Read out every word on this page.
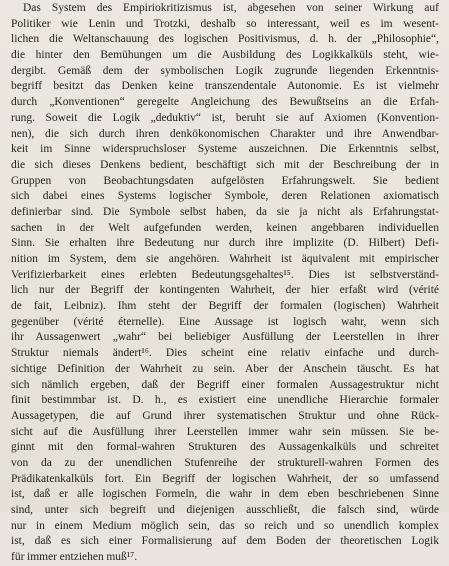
Das System des Empiriokritizismus ist, abgesehen von seiner Wirkung auf
Politiker wie Lenin und Trotzki, deshalb so interessant, weil es im wesent-
lichen die Weltanschauung des logischen Positivismus, d. h. der „Philosophie“,
die hinter den Bemühungen um die Ausbildung des Logikkalküls steht, wie-
dergibt. Gemäß dem der symbolischen Logik zugrunde liegenden Erkenntnis-
begriff besitzt das Denken keine transzendentale Autonomie. Es ist vielmehr
durch „Konventionen“ geregelte Angleichung des Bewußtseins an die Erfah-
rung. Soweit die Logik „deduktiv“ ist, beruht sie auf Axiomen (Konvention-
nen), die sich durch ihren denkökonomischen Charakter und ihre Anwendbar-
keit im Sinne widerspruchsloser Systeme auszeichnen. Die Erkenntnis selbst,
die sich dieses Denkens bedient, beschäftigt sich mit der Beschreibung der in
Gruppen von Beobachtungsdaten aufgelösten Erfahrungswelt. Sie bedient
sich dabei eines Systems logischer Symbole, deren Relationen axiomatisch
definierbar sind. Die Symbole selbst haben, da sie ja nicht als Erfahrungstat-
sachen in der Welt aufgefunden werden, keinen angebbaren individuellen
Sinn. Sie erhalten ihre Bedeutung nur durch ihre implizite (D. Hilbert) Defi-
nition im System, dem sie angehören. Wahrheit ist äquivalent mit empirischer
Verifizierbarkeit eines erlebten Bedeutungsgehaltes¹⁵. Dies ist selbstverständ-
lich nur der Begriff der kontingenten Wahrheit, der hier erfaßt wird (vérité
de fait, Leibniz). Ihm steht der Begriff der formalen (logischen) Wahrheit
gegenüber (vérité éternelle). Eine Aussage ist logisch wahr, wenn sich
ihr Aussagenwert „wahr“ bei beliebiger Ausfüllung der Leerstellen in ihrer
Struktur niemals ändert¹⁶. Dies scheint eine relativ einfache und durch-
sichtige Definition der Wahrheit zu sein. Aber der Anschein täuscht. Es hat
sich nämlich ergeben, daß der Begriff einer formalen Aussagestruktur nicht
finit bestimmbar ist. D. h., es existiert eine unendliche Hierarchie formaler
Aussagetypen, die auf Grund ihrer systematischen Struktur und ohne Rück-
sicht auf die Ausfüllung ihrer Leerstellen immer wahr sein müssen. Sie be-
ginnt mit den formal-wahren Strukturen des Aussagenkalküls und schreitet
von da zu der unendlichen Stufenreihe der strukturell-wahren Formen des
Prädikatenkalküls fort. Ein Begriff der logischen Wahrheit, der so umfassend
ist, daß er alle logischen Formeln, die wahr in dem eben beschriebenen Sinne
sind, unter sich begreift und diejenigen ausschließt, die falsch sind, würde
nur in einem Medium möglich sein, das so reich und so unendlich komplex
ist, daß es sich einer Formalisierung auf dem Boden der theoretischen Logik
für immer entziehen muß¹⁷.
